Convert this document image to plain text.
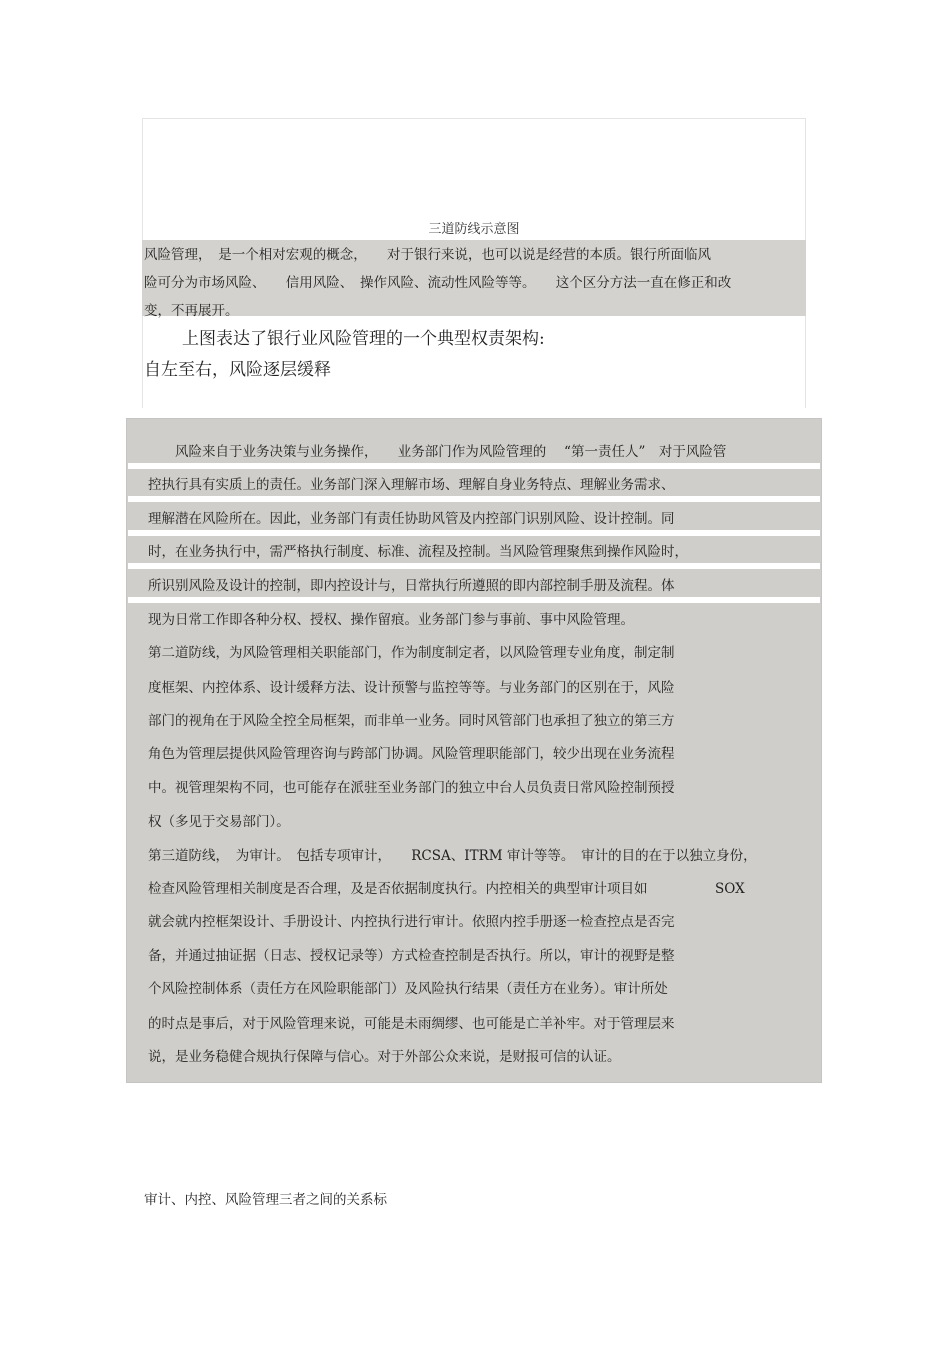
三道防线示意图

风险管理，　是一个相对宏观的概念，　　对于银行来说，也可以说是经营的本质。银行所面临风

险可分为市场风险、　　信用风险、　操作风险、流动性风险等等。　　这个区分方法一直在修正和改

变，不再展开。

上图表达了银行业风险管理的一个典型权责架构:
自左至右，风险逐层缓释
　　风险来自于业务决策与业务操作，　　业务部门作为风险管理的　 “第一责任人”　对于风险管
控执行具有实质上的责任。业务部门深入理解市场、理解自身业务特点、理解业务需求、
理解潜在风险所在。因此，业务部门有责任协助风管及内控部门识别风险、设计控制。同
时，在业务执行中，需严格执行制度、标准、流程及控制。当风险管理聚焦到操作风险时，
所识别风险及设计的控制，即内控设计与，日常执行所遵照的即内部控制手册及流程。体
现为日常工作即各种分权、授权、操作留痕。业务部门参与事前、事中风险管理。
第二道防线，为风险管理相关职能部门，作为制度制定者，以风险管理专业角度，制定制
度框架、内控体系、设计缓释方法、设计预警与监控等等。与业务部门的区别在于，风险
部门的视角在于风险全控全局框架，而非单一业务。同时风管部门也承担了独立的第三方
角色为管理层提供风险管理咨询与跨部门协调。风险管理职能部门，较少出现在业务流程
中。视管理架构不同，也可能存在派驻至业务部门的独立中台人员负责日常风险控制预授
权（多见于交易部门）。
第三道防线，　为审计。　包括专项审计，　　RCSA、ITRM 审计等等。　审计的目的在于以独立身份，
检查风险管理相关制度是否合理，及是否依据制度执行。内控相关的典型审计项目如　　　　　SOX
就会就内控框架设计、手册设计、内控执行进行审计。依照内控手册逐一检查控点是否完
备，并通过抽证据（日志、授权记录等）方式检查控制是否执行。所以，审计的视野是整
个风险控制体系（责任方在风险职能部门）及风险执行结果（责任方在业务）。审计所处
的时点是事后，对于风险管理来说，可能是未雨绸缪、也可能是亡羊补牢。对于管理层来
说，是业务稳健合规执行保障与信心。对于外部公众来说，是财报可信的认证。
审计、内控、风险管理三者之间的关系标
